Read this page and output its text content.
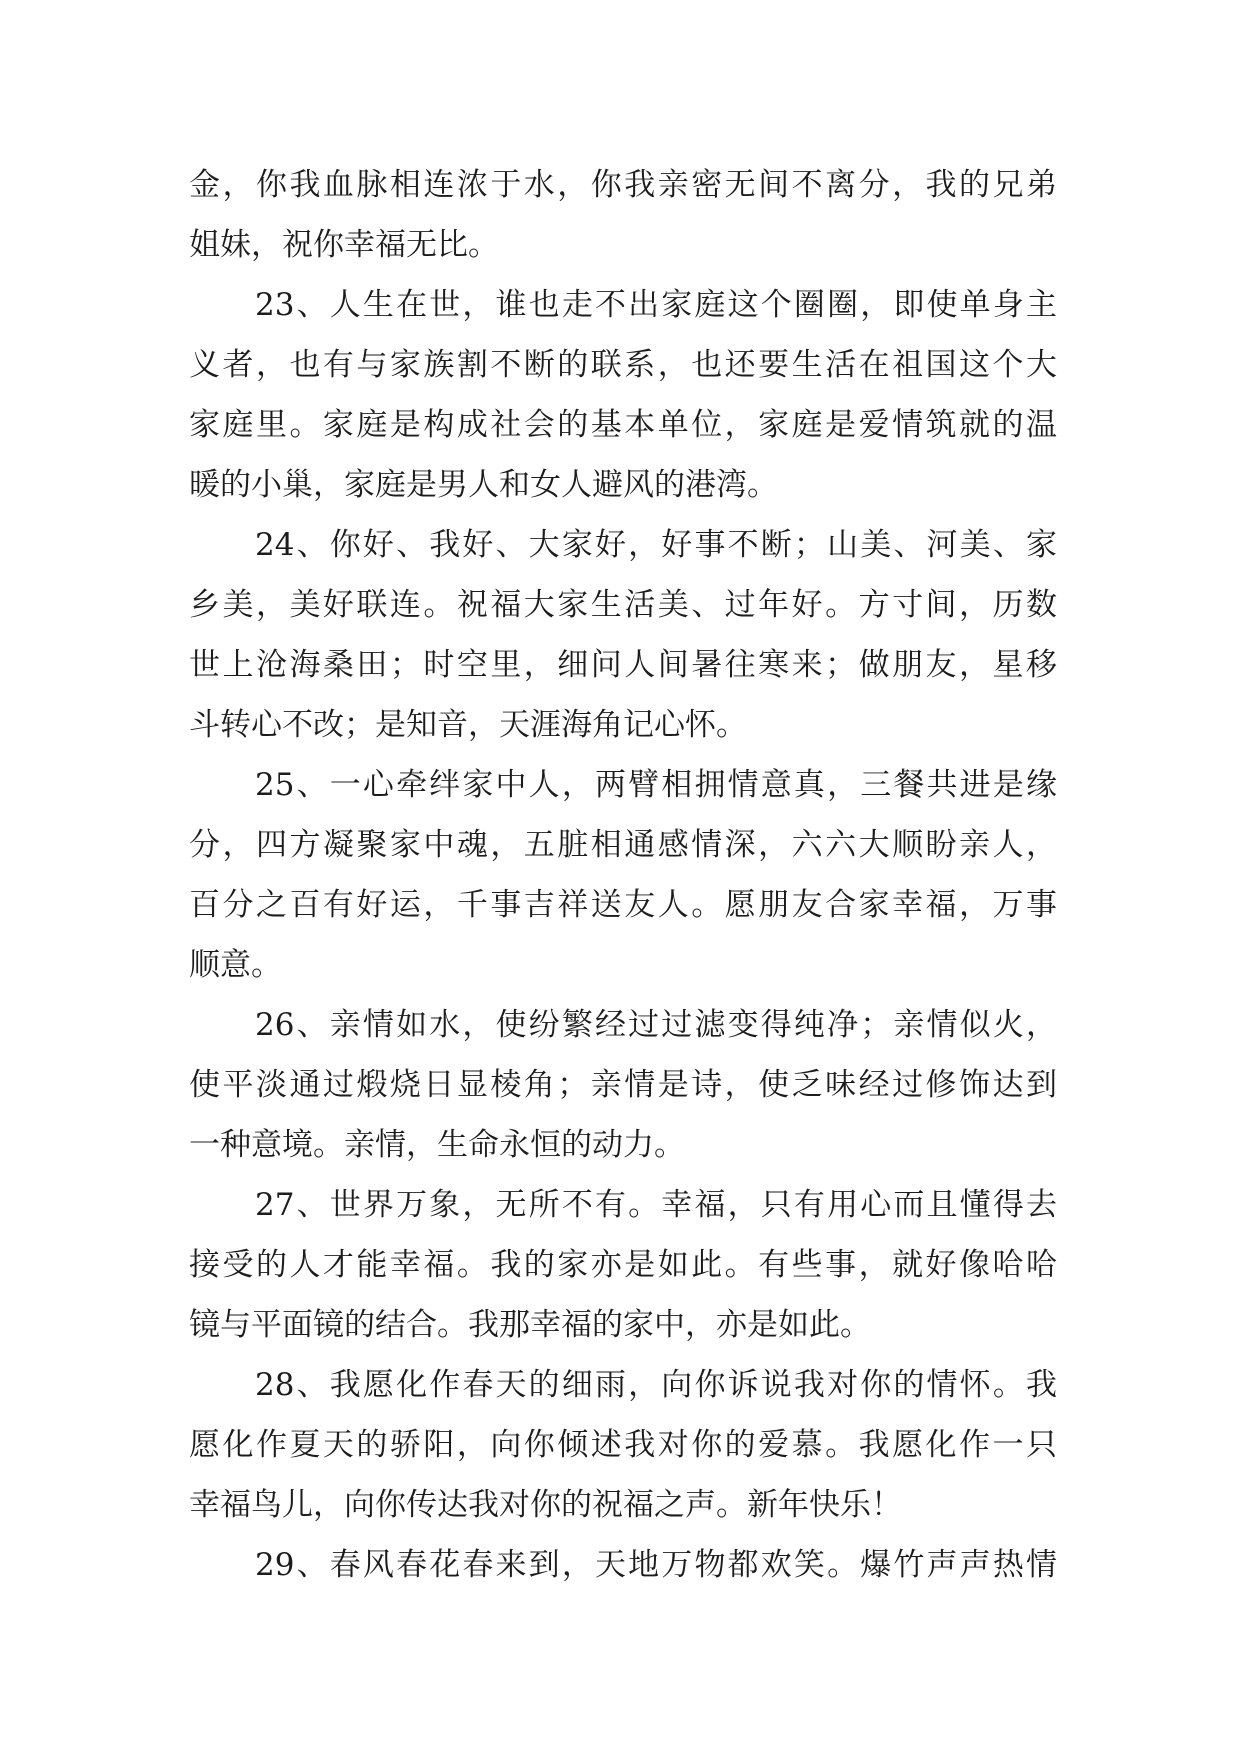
金，你我血脉相连浓于水，你我亲密无间不离分，我的兄弟
姐妹，祝你幸福无比。
23、人生在世，谁也走不出家庭这个圈圈，即使单身主
义者，也有与家族割不断的联系，也还要生活在祖国这个大
家庭里。家庭是构成社会的基本单位，家庭是爱情筑就的温
暖的小巢，家庭是男人和女人避风的港湾。
24、你好、我好、大家好，好事不断；山美、河美、家
乡美，美好联连。祝福大家生活美、过年好。方寸间，历数
世上沧海桑田；时空里，细问人间暑往寒来；做朋友，星移
斗转心不改；是知音，天涯海角记心怀。
25、一心牵绊家中人，两臂相拥情意真，三餐共进是缘
分，四方凝聚家中魂，五脏相通感情深，六六大顺盼亲人，
百分之百有好运，千事吉祥送友人。愿朋友合家幸福，万事
顺意。
26、亲情如水，使纷繁经过过滤变得纯净；亲情似火，
使平淡通过煅烧日显棱角；亲情是诗，使乏味经过修饰达到
一种意境。亲情，生命永恒的动力。
27、世界万象，无所不有。幸福，只有用心而且懂得去
接受的人才能幸福。我的家亦是如此。有些事，就好像哈哈
镜与平面镜的结合。我那幸福的家中，亦是如此。
28、我愿化作春天的细雨，向你诉说我对你的情怀。我
愿化作夏天的骄阳，向你倾述我对你的爱慕。我愿化作一只
幸福鸟儿，向你传达我对你的祝福之声。新年快乐！
29、春风春花春来到，天地万物都欢笑。爆竹声声热情
